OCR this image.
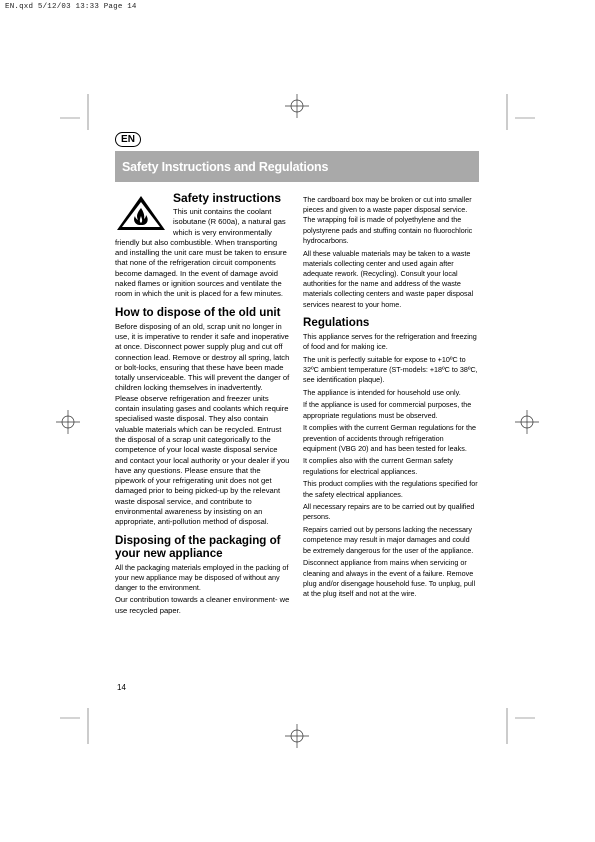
EN.qxd 5/12/03 13:33 Page 14
EN
Safety Instructions and Regulations
Safety instructions

This unit contains the coolant isobutane (R 600a), a natural gas which is very environmentally friendly but also combustible. When transporting and installing the unit care must be taken to ensure that none of the refrigeration circuit components become damaged. In the event of damage avoid naked flames or ignition sources and ventilate the room in which the unit is placed for a few minutes.

How to dispose of the old unit

Before disposing of an old, scrap unit no longer in use, it is imperative to render it safe and inoperative at once. Disconnect power supply plug and cut off connection lead. Remove or destroy all spring, latch or bolt-locks, ensuring that these have been made totally unserviceable. This will prevent the danger of children locking themselves in inadvertently.

Please observe refrigeration and freezer units contain insulating gases and coolants which require specialised waste disposal. They also contain valuable materials which can be recycled. Entrust the disposal of a scrap unit categorically to the competence of your local waste disposal service and contact your local authority or your dealer if you have any questions. Please ensure that the pipework of your refrigerating unit does not get damaged prior to being picked-up by the relevant waste disposal service, and contribute to environmental awareness by insisting on an appropriate, anti-pollution method of disposal.

Disposing of the packaging of your new appliance

All the packaging materials employed in the packing of your new appliance may be disposed of without any danger to the environment.

Our contribution towards a cleaner environment- we use recycled paper.

The cardboard box may be broken or cut into smaller pieces and given to a waste paper disposal service. The wrapping foil is made of polyethylene and the polystyrene pads and stuffing contain no fluorochloric hydrocarbons.

All these valuable materials may be taken to a waste materials collecting center and used again after adequate rework. (Recycling). Consult your local authorities for the name and address of the waste materials collecting centers and waste paper disposal services nearest to your home.

Regulations

This appliance serves for the refrigeration and freezing of food and for making ice.

The unit is perfectly suitable for expose to +10ºC to 32ºC ambient temperature (ST-models: +18ºC to 38ºC, see identification plaque).

The appliance is intended for household use only.

If the appliance is used for commercial purposes, the appropriate regulations must be observed.

It complies with the current German regulations for the prevention of accidents through refrigeration equipment (VBG 20) and has been tested for leaks.

It complies also with the current German safety regulations for electrical appliances.

This product complies with the regulations specified for the safety electrical appliances.

All necessary repairs are to be carried out by qualified persons.

Repairs carried out by persons lacking the necessary competence may result in major damages and could be extremely dangerous for the user of the appliance.

Disconnect appliance from mains when servicing or cleaning and always in the event of a failure. Remove plug and/or disengage household fuse. To unplug, pull at the plug itself and not at the wire.

14
